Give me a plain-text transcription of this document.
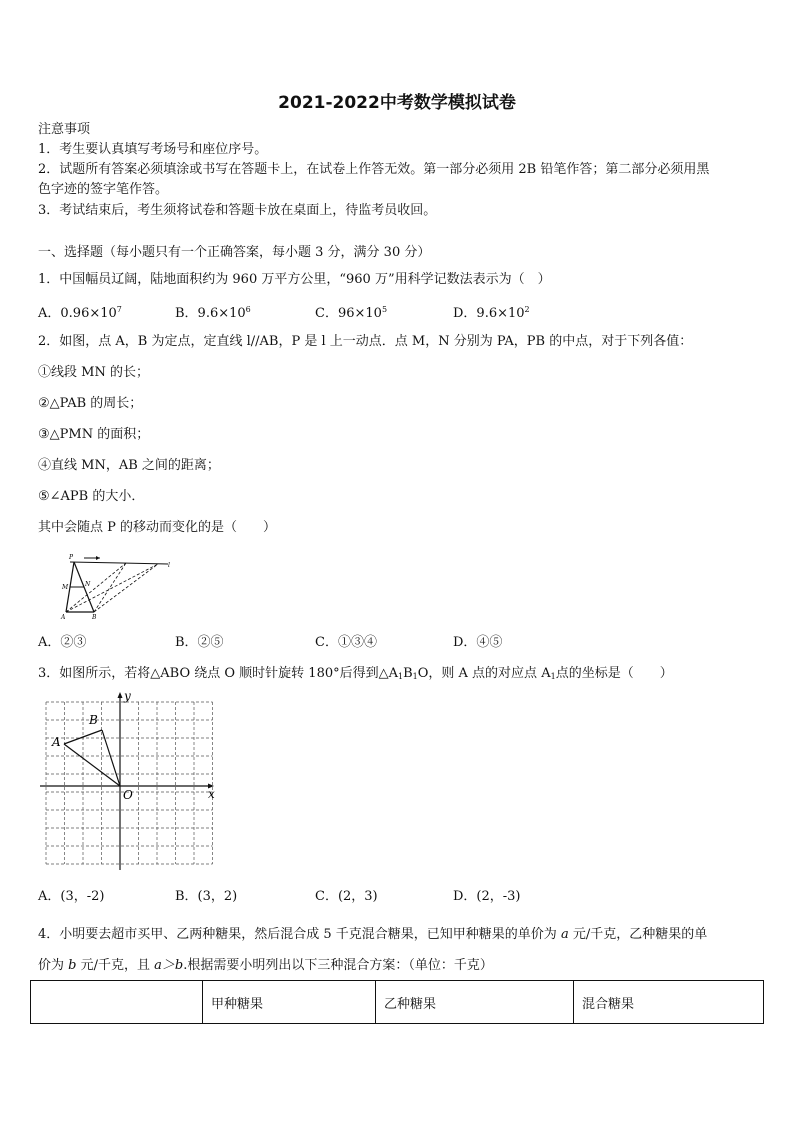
2021-2022中考数学模拟试卷
注意事项
1．考生要认真填写考场号和座位序号。
2．试题所有答案必须填涂或书写在答题卡上，在试卷上作答无效。第一部分必须用 2B 铅笔作答；第二部分必须用黑
色字迹的签字笔作答。
3．考试结束后，考生须将试卷和答题卡放在桌面上，待监考员收回。
一、选择题（每小题只有一个正确答案，每小题 3 分，满分 30 分）
1．中国幅员辽阔，陆地面积约为 960 万平方公里，“960 万”用科学记数法表示为（　）
A．$0.96\times 10^7$	B．$9.6\times 10^6$	C．$96\times 10^5$	D．$9.6\times 10^2$
2．如图，点 A，B 为定点，定直线 l//AB，P 是 l 上一动点．点 M，N 分别为 PA，PB 的中点，对于下列各值：
①线段 MN 的长；
②△PAB 的周长；
③△PMN 的面积；
④直线 MN，AB 之间的距离；
⑤∠APB 的大小．
其中会随点 P 的移动而变化的是（　　）
P
M	N
A	B
l
A．②③	B．②⑤	C．①③④	D．④⑤
3．如图所示，若将△ABO 绕点 O 顺时针旋转 180°后得到$\triangle A_1B_1O$，则 A 点的对应点 $A_1$点的坐标是（　　）
y
B
A
O	x
A．(3，-2)	B．(3，2)	C．(2，3)	D．(2，-3)
4．小明要去超市买甲、乙两种糖果，然后混合成 5 千克混合糖果，已知甲种糖果的单价为 a 元/千克，乙种糖果的单
价为 b 元/千克，且 a＞b.根据需要小明列出以下三种混合方案：（单位：千克）
	甲种糖果	乙种糖果	混合糖果
